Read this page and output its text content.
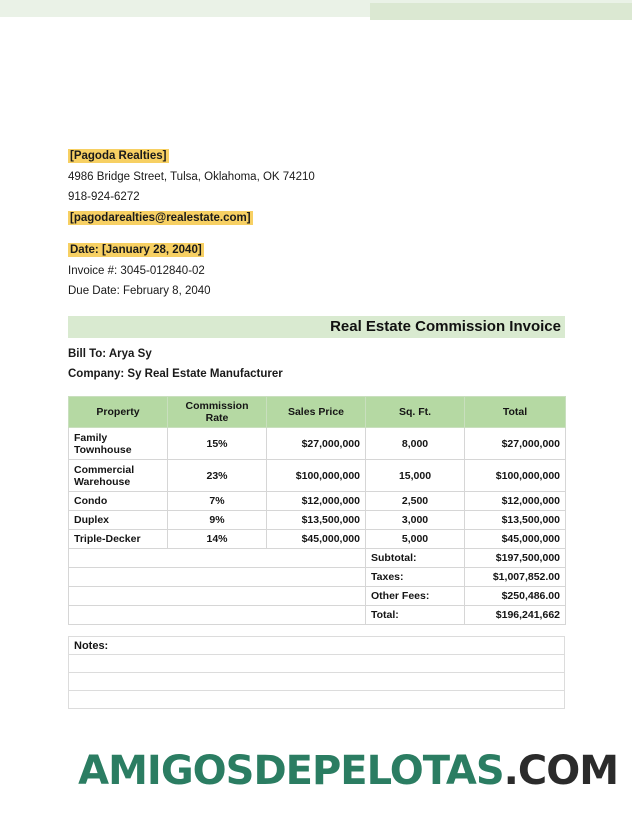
[Pagoda Realties]
4986 Bridge Street, Tulsa, Oklahoma, OK 74210
918-924-6272
[pagodarealties@realestate.com]
Date: [January 28, 2040]
Invoice #: 3045-012840-02
Due Date: February 8, 2040
Real Estate Commission Invoice
Bill To: Arya Sy
Company: Sy Real Estate Manufacturer
Property	Commission Rate	Sales Price	Sq. Ft.	Total
Family Townhouse	15%	$27,000,000	8,000	$27,000,000
Commercial Warehouse	23%	$100,000,000	15,000	$100,000,000
Condo	7%	$12,000,000	2,500	$12,000,000
Duplex	9%	$13,500,000	3,000	$13,500,000
Triple-Decker	14%	$45,000,000	5,000	$45,000,000
			Subtotal:	$197,500,000
			Taxes:	$1,007,852.00
			Other Fees:	$250,486.00
			Total:	$196,241,662
Notes:

AMIGOSDEPELOTAS.COM
